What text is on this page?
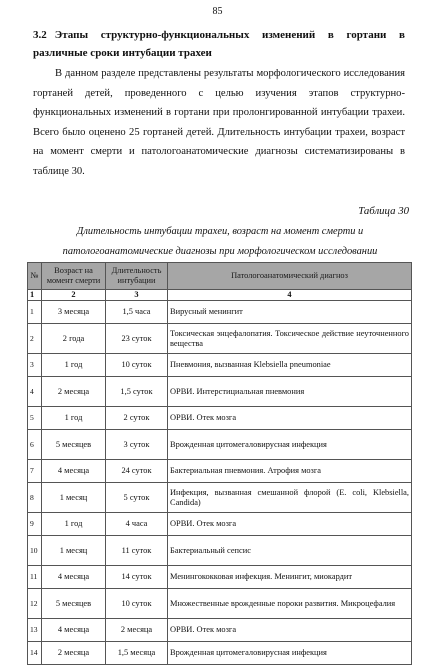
85
3.2 Этапы структурно-функциональных изменений в гортани в различные сроки интубации трахеи
В данном разделе представлены результаты морфологического исследования гортаней детей, проведенного с целью изучения этапов структурно-функциональных изменений в гортани при пролонгированной интубации трахеи. Всего было оценено 25 гортаней детей. Длительность интубации трахеи, возраст на момент смерти и патологоанатомические диагнозы систематизированы в таблице 30.
Таблица 30
Длительность интубации трахеи, возраст на момент смерти и патологоанатомические диагнозы при морфологическом исследовании
№	Возраст на момент смерти	Длительность интубации	Патологоанатомический диагноз
1	2	3	4
1	3 месяца	1,5 часа	Вирусный менингит
2	2 года	23 суток	Токсическая энцефалопатия. Токсическое действие неуточненного вещества
3	1 год	10 суток	Пневмония, вызванная Klebsiella pneumoniae
4	2 месяца	1,5 суток	ОРВИ. Интерстициальная пневмония
5	1 год	2 суток	ОРВИ. Отек мозга
6	5 месяцев	3 суток	Врожденная цитомегаловирусная инфекция
7	4 месяца	24 суток	Бактериальная пневмония. Атрофия мозга
8	1 месяц	5 суток	Инфекция, вызванная смешанной флорой (E. coli, Klebsiella, Candida)
9	1 год	4 часа	ОРВИ. Отек мозга
10	1 месяц	11 суток	Бактериальный сепсис
11	4 месяца	14 суток	Менингококковая инфекция. Менингит, миокардит
12	5 месяцев	10 суток	Множественные врожденные пороки развития. Микроцефалия
13	4 месяца	2 месяца	ОРВИ. Отек мозга
14	2 месяца	1,5 месяца	Врожденная цитомегаловирусная инфекция
